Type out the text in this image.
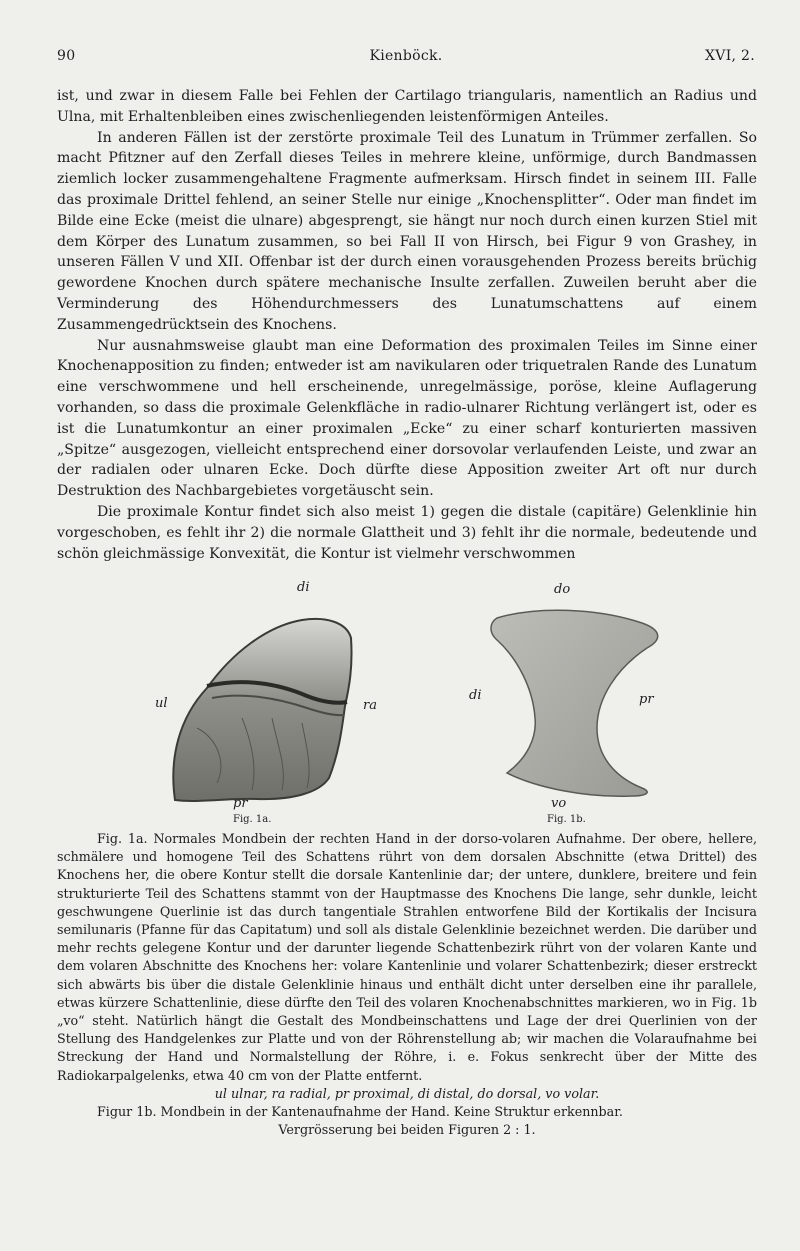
90	Kienböck.	XVI, 2.

ist, und zwar in diesem Falle bei Fehlen der Cartilago triangularis, namentlich an Radius und Ulna, mit Erhaltenbleiben eines zwischenliegenden leistenförmigen Anteiles.

In anderen Fällen ist der zerstörte proximale Teil des Lunatum in Trümmer zerfallen. So macht Pfitzner auf den Zerfall dieses Teiles in mehrere kleine, unförmige, durch Bandmassen ziemlich locker zusammengehaltene Fragmente aufmerksam. Hirsch findet in seinem III. Falle das proximale Drittel fehlend, an seiner Stelle nur einige „Knochensplitter“. Oder man findet im Bilde eine Ecke (meist die ulnare) abgesprengt, sie hängt nur noch durch einen kurzen Stiel mit dem Körper des Lunatum zusammen, so bei Fall II von Hirsch, bei Figur 9 von Grashey, in unseren Fällen V und XII. Offenbar ist der durch einen vorausgehenden Prozess bereits brüchig gewordene Knochen durch spätere mechanische Insulte zerfallen. Zuweilen beruht aber die Verminderung des Höhendurchmessers des Lunatumschattens auf einem Zusammengedrücktsein des Knochens.

Nur ausnahmsweise glaubt man eine Deformation des proximalen Teiles im Sinne einer Knochenapposition zu finden; entweder ist am navikularen oder triquetralen Rande des Lunatum eine verschwommene und hell erscheinende, unregelmässige, poröse, kleine Auflagerung vorhanden, so dass die proximale Gelenkfläche in radio-ulnarer Richtung verlängert ist, oder es ist die Lunatumkontur an einer proximalen „Ecke“ zu einer scharf konturierten massiven „Spitze“ ausgezogen, vielleicht entsprechend einer dorsovolar verlaufenden Leiste, und zwar an der radialen oder ulnaren Ecke. Doch dürfte diese Apposition zweiter Art oft nur durch Destruktion des Nachbargebietes vorgetäuscht sein.

Die proximale Kontur findet sich also meist 1) gegen die distale (capitäre) Gelenklinie hin vorgeschoben, es fehlt ihr 2) die normale Glattheit und 3) fehlt ihr die normale, bedeutende und schön gleichmässige Konvexität, die Kontur ist vielmehr verschwommen

di
ul	ra
pr
Fig. 1a.
do
di	pr
vo
Fig. 1b.

Fig. 1a. Normales Mondbein der rechten Hand in der dorso-volaren Aufnahme. Der obere, hellere, schmälere und homogene Teil des Schattens rührt von dem dorsalen Abschnitte (etwa Drittel) des Knochens her, die obere Kontur stellt die dorsale Kantenlinie dar; der untere, dunklere, breitere und fein strukturierte Teil des Schattens stammt von der Hauptmasse des Knochens Die lange, sehr dunkle, leicht geschwungene Querlinie ist das durch tangentiale Strahlen entworfene Bild der Kortikalis der Incisura semilunaris (Pfanne für das Capitatum) und soll als distale Gelenklinie bezeichnet werden. Die darüber und mehr rechts gelegene Kontur und der darunter liegende Schattenbezirk rührt von der volaren Kante und dem volaren Abschnitte des Knochens her: volare Kantenlinie und volarer Schattenbezirk; dieser erstreckt sich abwärts bis über die distale Gelenklinie hinaus und enthält dicht unter derselben eine ihr parallele, etwas kürzere Schattenlinie, diese dürfte den Teil des volaren Knochenabschnittes markieren, wo in Fig. 1b „vo“ steht. Natürlich hängt die Gestalt des Mondbeinschattens und Lage der drei Querlinien von der Stellung des Handgelenkes zur Platte und von der Röhrenstellung ab; wir machen die Volaraufnahme bei Streckung der Hand und Normalstellung der Röhre, i. e. Fokus senkrecht über der Mitte des Radiokarpalgelenks, etwa 40 cm von der Platte entfernt.

ul ulnar, ra radial, pr proximal, di distal, do dorsal, vo volar.

Figur 1b. Mondbein in der Kantenaufnahme der Hand. Keine Struktur erkennbar.

Vergrösserung bei beiden Figuren 2 : 1.
